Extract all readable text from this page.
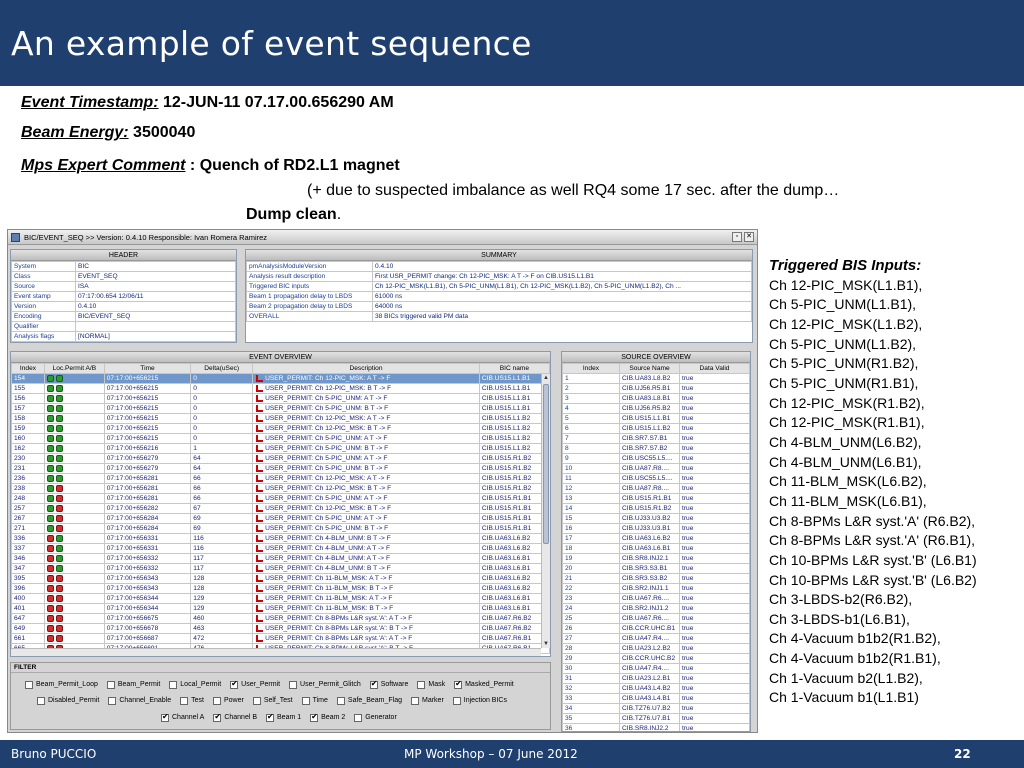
An example of event sequence
Event Timestamp: 12-JUN-11 07.17.00.656290 AM
Beam Energy: 3500040
Mps Expert Comment : Quench of RD2.L1 magnet
(+ due to suspected imbalance as well RQ4 some 17 sec. after the dump…
Dump clean.
BIC/EVENT_SEQ >> Version: 0.4.10 Responsible: Ivan Romera Ramirez	▫	✕
HEADER
System	BIC
Class	EVENT_SEQ
Source	ISA
Event stamp	07:17:00.654 12/06/11
Version	0.4.10
Encoding	BIC/EVENT_SEQ
Qualifier	
Analysis flags	[NORMAL]
SUMMARY
pmAnalysisModuleVersion	0.4.10
Analysis result description	First USR_PERMIT change: Ch 12-PIC_MSK: A T -> F on CIB.US15.L1.B1
Triggered BIC inputs	Ch 12-PIC_MSK(L1.B1), Ch 5-PIC_UNM(L1.B1), Ch 12-PIC_MSK(L1.B2), Ch 5-PIC_UNM(L1.B2), Ch ...
Beam 1 propagation delay to LBDS	61000 ns
Beam 2 propagation delay to LBDS	64000 ns
OVERALL	38 BICs triggered valid PM data
EVENT OVERVIEW
Index	Loc.Permit A/B	Time	Delta(uSec)	Description	BIC name
154		07:17:00+656215	0	USER_PERMIT: Ch 12-PIC_MSK: A T -> F	CIB.US15.L1.B1
155		07:17:00+656215	0	USER_PERMIT: Ch 12-PIC_MSK: B T -> F	CIB.US15.L1.B1
156		07:17:00+656215	0	USER_PERMIT: Ch 5-PIC_UNM: A T -> F	CIB.US15.L1.B1
157		07:17:00+656215	0	USER_PERMIT: Ch 5-PIC_UNM: B T -> F	CIB.US15.L1.B1
158		07:17:00+656215	0	USER_PERMIT: Ch 12-PIC_MSK: A T -> F	CIB.US15.L1.B2
159		07:17:00+656215	0	USER_PERMIT: Ch 12-PIC_MSK: B T -> F	CIB.US15.L1.B2
160		07:17:00+656215	0	USER_PERMIT: Ch 5-PIC_UNM: A T -> F	CIB.US15.L1.B2
162		07:17:00+656216	1	USER_PERMIT: Ch 5-PIC_UNM: B T -> F	CIB.US15.L1.B2
230		07:17:00+656279	64	USER_PERMIT: Ch 5-PIC_UNM: A T -> F	CIB.US15.R1.B2
231		07:17:00+656279	64	USER_PERMIT: Ch 5-PIC_UNM: B T -> F	CIB.US15.R1.B2
236		07:17:00+656281	66	USER_PERMIT: Ch 12-PIC_MSK: A T -> F	CIB.US15.R1.B2
238		07:17:00+656281	66	USER_PERMIT: Ch 12-PIC_MSK: B T -> F	CIB.US15.R1.B2
248		07:17:00+656281	66	USER_PERMIT: Ch 5-PIC_UNM: A T -> F	CIB.US15.R1.B1
257		07:17:00+656282	67	USER_PERMIT: Ch 12-PIC_MSK: B T -> F	CIB.US15.R1.B1
267		07:17:00+656284	69	USER_PERMIT: Ch 5-PIC_UNM: A T -> F	CIB.US15.R1.B1
271		07:17:00+656284	69	USER_PERMIT: Ch 5-PIC_UNM: B T -> F	CIB.US15.R1.B1
336		07:17:00+656331	116	USER_PERMIT: Ch 4-BLM_UNM: B T -> F	CIB.UA63.L6.B2
337		07:17:00+656331	116	USER_PERMIT: Ch 4-BLM_UNM: A T -> F	CIB.UA63.L6.B2
346		07:17:00+656332	117	USER_PERMIT: Ch 4-BLM_UNM: A T -> F	CIB.UA63.L6.B1
347		07:17:00+656332	117	USER_PERMIT: Ch 4-BLM_UNM: B T -> F	CIB.UA63.L6.B1
395		07:17:00+656343	128	USER_PERMIT: Ch 11-BLM_MSK: A T -> F	CIB.UA63.L6.B2
396		07:17:00+656343	128	USER_PERMIT: Ch 11-BLM_MSK: B T -> F	CIB.UA63.L6.B2
400		07:17:00+656344	129	USER_PERMIT: Ch 11-BLM_MSK: A T -> F	CIB.UA63.L6.B1
401		07:17:00+656344	129	USER_PERMIT: Ch 11-BLM_MSK: B T -> F	CIB.UA63.L6.B1
647		07:17:00+656675	460	USER_PERMIT: Ch 8-BPMs L&R syst.'A': A T -> F	CIB.UA67.R6.B2
649		07:17:00+656678	463	USER_PERMIT: Ch 8-BPMs L&R syst.'A': B T -> F	CIB.UA67.R6.B2
661		07:17:00+656687	472	USER_PERMIT: Ch 8-BPMs L&R syst.'A': A T -> F	CIB.UA67.R6.B1

▲
▼
SOURCE OVERVIEW
Index	Source Name	Data Valid
1	CIB.UA83.L8.B2	true
2	CIB.UJ56.R5.B1	true
3	CIB.UA83.L8.B1	true
4	CIB.UJ56.R5.B2	true
5	CIB.US15.L1.B1	true
6	CIB.US15.L1.B2	true
7	CIB.SR7.S7.B1	true
8	CIB.SR7.S7.B2	true
9	CIB.USC55.L5....	true
10	CIB.UA87.R8....	true
11	CIB.USC55.L5....	true
12	CIB.UA87.R8....	true
13	CIB.US15.R1.B1	true
14	CIB.US15.R1.B2	true
15	CIB.UJ33.U3.B2	true
16	CIB.UJ33.U3.B1	true
17	CIB.UA63.L6.B2	true
18	CIB.UA63.L6.B1	true
19	CIB.SR8.INJ2.1	true
20	CIB.SR3.S3.B1	true
21	CIB.SR3.S3.B2	true
22	CIB.SR2.INJ1.1	true
23	CIB.UA67.R6....	true
24	CIB.SR2.INJ1.2	true
25	CIB.UA67.R6....	true
26	CIB.CCR.UHC.B1	true
27	CIB.UA47.R4....	true
28	CIB.UA23.L2.B2	true
29	CIB.CCR.UHC.B2	true
30	CIB.UA47.R4....	true
31	CIB.UA23.L2.B1	true
32	CIB.UA43.L4.B2	true
33	CIB.UA43.L4.B1	true
34	CIB.TZ76.U7.B2	true
35	CIB.TZ76.U7.B1	true
36	CIB.SR8.INJ2.2	true
FILTER
Beam_Permit_Loop	Beam_Permit	Local_Permit ✔	User_Permit	User_Permit_Glitch ✔	Software	Mask ✔	Masked_Permit
Disabled_Permit	Channel_Enable	Test	Power	Self_Test	Time	Safe_Beam_Flag	Marker	Injection BICs
✔
Channel A ✔	Channel B ✔	Beam 1 ✔	Beam 2	Generator
Triggered BIS Inputs:
Ch 12-PIC_MSK(L1.B1),
Ch 5-PIC_UNM(L1.B1),
Ch 12-PIC_MSK(L1.B2),
Ch 5-PIC_UNM(L1.B2),
Ch 5-PIC_UNM(R1.B2),
Ch 5-PIC_UNM(R1.B1),
Ch 12-PIC_MSK(R1.B2),
Ch 12-PIC_MSK(R1.B1),
Ch 4-BLM_UNM(L6.B2),
Ch 4-BLM_UNM(L6.B1),
Ch 11-BLM_MSK(L6.B2),
Ch 11-BLM_MSK(L6.B1),
Ch 8-BPMs L&R syst.'A' (R6.B2),
Ch 8-BPMs L&R syst.'A' (R6.B1),
Ch 10-BPMs L&R syst.'B' (L6.B1)
Ch 10-BPMs L&R syst.'B' (L6.B2)
Ch 3-LBDS-b2(R6.B2),
Ch 3-LBDS-b1(L6.B1),
Ch 4-Vacuum b1b2(R1.B2),
Ch 4-Vacuum b1b2(R1.B1),
Ch 1-Vacuum b2(L1.B2),
Ch 1-Vacuum b1(L1.B1)
Bruno PUCCIO	MP Workshop – 07 June 2012	22
